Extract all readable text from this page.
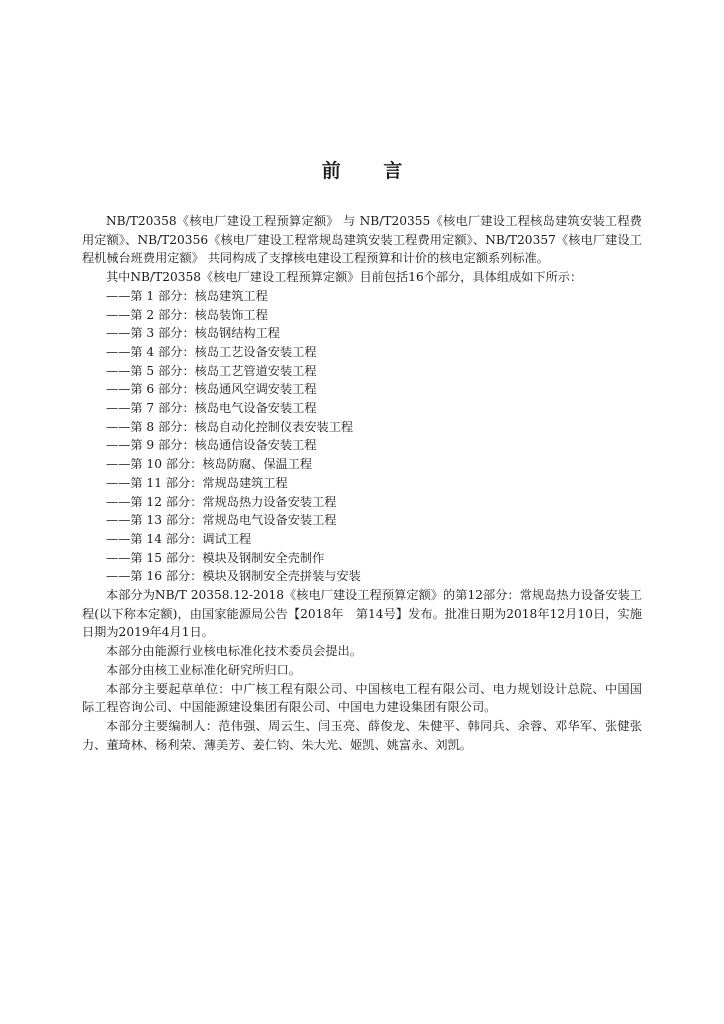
前 言

NB/T20358《核电厂建设工程预算定额》 与 NB/T20355《核电厂建设工程核岛建筑安装工程费用定额》、NB/T20356《核电厂建设工程常规岛建筑安装工程费用定额》、NB/T20357《核电厂建设工程机械台班费用定额》 共同构成了支撑核电建设工程预算和计价的核电定额系列标准。

其中NB/T20358《核电厂建设工程预算定额》目前包括16个部分，具体组成如下所示：

——第 1 部分：核岛建筑工程
——第 2 部分：核岛装饰工程
——第 3 部分：核岛钢结构工程
——第 4 部分：核岛工艺设备安装工程
——第 5 部分：核岛工艺管道安装工程
——第 6 部分：核岛通风空调安装工程
——第 7 部分：核岛电气设备安装工程
——第 8 部分：核岛自动化控制仪表安装工程
——第 9 部分：核岛通信设备安装工程
——第 10 部分：核岛防腐、保温工程
——第 11 部分：常规岛建筑工程
——第 12 部分：常规岛热力设备安装工程
——第 13 部分：常规岛电气设备安装工程
——第 14 部分：调试工程
——第 15 部分：模块及钢制安全壳制作
——第 16 部分：模块及钢制安全壳拼装与安装

本部分为NB/T 20358.12-2018《核电厂建设工程预算定额》的第12部分：常规岛热力设备安装工程(以下称本定额)，由国家能源局公告【2018年　第14号】发布。批准日期为2018年12月10日，实施日期为2019年4月1日。

本部分由能源行业核电标准化技术委员会提出。

本部分由核工业标准化研究所归口。

本部分主要起草单位：中广核工程有限公司、中国核电工程有限公司、电力规划设计总院、中国国际工程咨询公司、中国能源建设集团有限公司、中国电力建设集团有限公司。

本部分主要编制人：范伟强、周云生、闫玉亮、薛俊龙、朱健平、韩同兵、余蓉、邓华军、张健张力、董琦林、杨利荣、薄美芳、姜仁钧、朱大光、姬凯、姚富永、刘凯。
